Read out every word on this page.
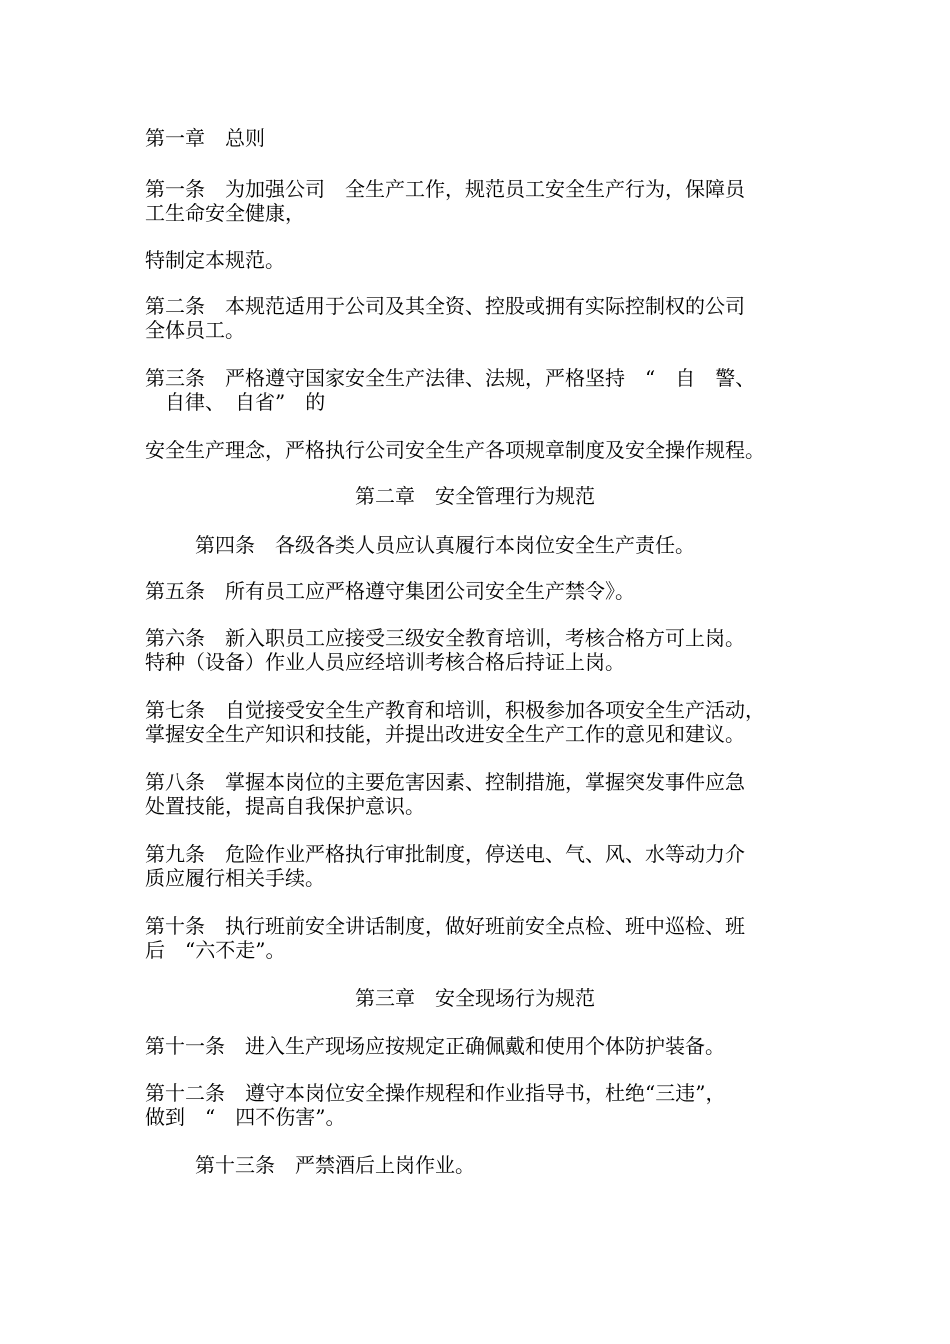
第一章　总则

第一条　为加强公司　全生产工作，规范员工安全生产行为，保障员

工生命安全健康，

特制定本规范。

第二条　本规范适用于公司及其全资、控股或拥有实际控制权的公司

全体员工。

第三条　严格遵守国家安全生产法律、法规，严格坚持　“　自　警、

　自律、　自省”　的

安全生产理念，严格执行公司安全生产各项规章制度及安全操作规程。

第二章　安全管理行为规范

第四条　各级各类人员应认真履行本岗位安全生产责任。

第五条　所有员工应严格遵守集团公司安全生产禁令》。

第六条　新入职员工应接受三级安全教育培训，考核合格方可上岗。

特种（设备）作业人员应经培训考核合格后持证上岗。

第七条　自觉接受安全生产教育和培训，积极参加各项安全生产活动，

掌握安全生产知识和技能，并提出改进安全生产工作的意见和建议。

第八条　掌握本岗位的主要危害因素、控制措施，掌握突发事件应急

处置技能，提高自我保护意识。

第九条　危险作业严格执行审批制度，停送电、气、风、水等动力介

质应履行相关手续。

第十条　执行班前安全讲话制度，做好班前安全点检、班中巡检、班

后　“六不走”。

第三章　安全现场行为规范

第十一条　进入生产现场应按规定正确佩戴和使用个体防护装备。

第十二条　遵守本岗位安全操作规程和作业指导书，杜绝“三违”，

做到　“　四不伤害”。

第十三条　严禁酒后上岗作业。
